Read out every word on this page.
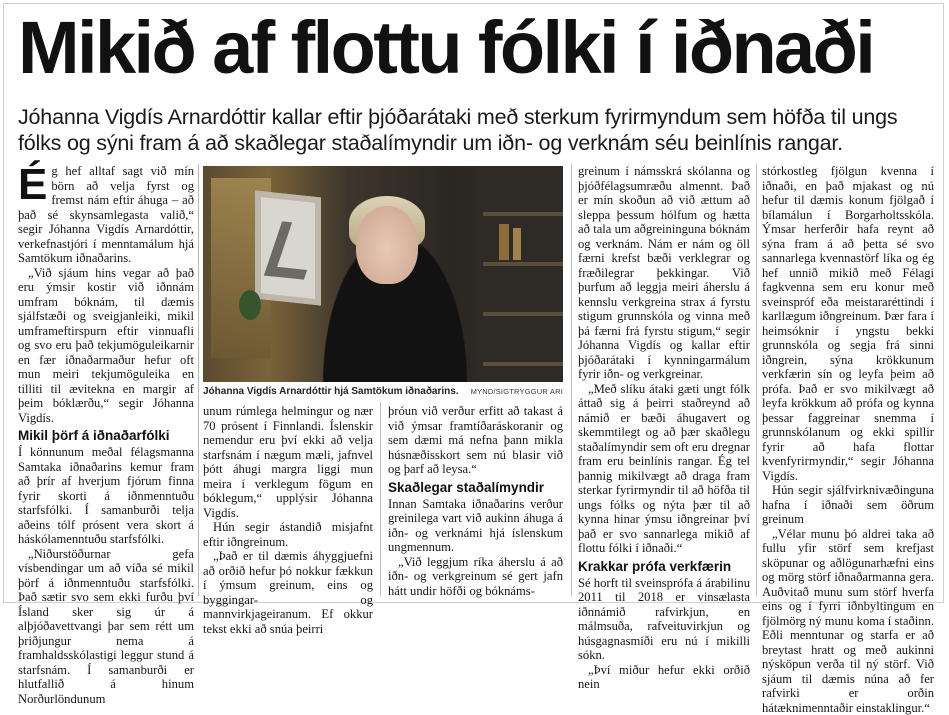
Mikið af flottu fólki í iðnaði
Jóhanna Vigdís Arnardóttir kallar eftir þjóðarátaki með sterkum fyrirmyndum sem höfða til ungs fólks og sýni fram á að skaðlegar staðalímyndir um iðn- og verknám séu beinlínis rangar.

Ég hef alltaf sagt við mín börn að velja fyrst og fremst nám eftir áhuga – að það sé skynsamlegasta valið,“ segir Jóhanna Vigdís Arnardóttir, verkefnastjóri í menntamálum hjá Samtökum iðnaðarins.

„Við sjáum hins vegar að það eru ýmsir kostir við iðnnám umfram bóknám, til dæmis sjálfstæði og sveigjanleiki, mikil umframeftirspurn eftir vinnuafli og svo eru það tekjumöguleikarnir en fær iðnaðarmaður hefur oft mun meiri tekjumöguleika en tilliti til ævitekna en margir af þeim bóklærðu,“ segir Jóhanna Vigdís.

Mikil þörf á iðnaðarfólki

Í könnunum meðal félagsmanna Samtaka iðnaðarins kemur fram að þrír af hverjum fjórum finna fyrir skorti á iðnmenntuðu starfsfólki. Í samanburði telja aðeins tólf prósent vera skort á háskólamenntuðu starfsfólki.

„Niðurstöðurnar gefa vísbendingar um að víða sé mikil þörf á iðnmenntuðu starfsfólki. Það sætir svo sem ekki furðu því Ísland sker sig úr á alþjóðavettvangi þar sem rétt um þriðjungur nema á framhaldsskólastigi leggur stund á starfsnám. Í samanburði er hlutfallið á hinum Norðurlöndunum

Jóhanna Vigdís Arnardóttir hjá Samtökum iðnaðarins. MYND/SIGTRYGGUR ARI

unum rúmlega helmingur og nær 70 prósent í Finnlandi. Íslenskir nemendur eru því ekki að velja starfsnám í nægum mæli, jafnvel þótt áhugi margra liggi mun meira í verklegum fögum en bóklegum,“ upplýsir Jóhanna Vigdís.

Hún segir ástandið misjafnt eftir iðngreinum.

„Það er til dæmis áhyggjuefni að orðið hefur þó nokkur fækkun í ýmsum greinum, eins og byggingar- og mannvirkjageiranum. Ef okkur tekst ekki að snúa þeirri

þróun við verður erfitt að takast á við ýmsar framtíðaráskoranir og sem dæmi má nefna þann mikla húsnæðisskort sem nú blasir við og þarf að leysa.“

Skaðlegar staðalímyndir

Innan Samtaka iðnaðarins verður greinilega vart við aukinn áhuga á iðn- og verknámi hjá íslenskum ungmennum.

„Við leggjum ríka áherslu á að iðn- og verkgreinum sé gert jafn hátt undir höfði og bóknáms-

greinum í námsskrá skólanna og þjóðfélagsumræðu almennt. Það er mín skoðun að við ættum að sleppa þessum hólfum og hætta að tala um aðgreininguna bóknám og verknám. Nám er nám og öll færni krefst bæði verklegrar og fræðilegrar þekkingar. Við þurfum að leggja meiri áherslu á kennslu verkgreina strax á fyrstu stigum grunnskóla og vinna með þá færni frá fyrstu stigum,“ segir Jóhanna Vigdís og kallar eftir þjóðarátaki í kynningarmálum fyrir iðn- og verkgreinar.

„Með slíku átaki gæti ungt fólk áttað sig á þeirri staðreynd að námið er bæði áhugavert og skemmtilegt og að þær skaðlegu staðalímyndir sem oft eru dregnar fram eru beinlínis rangar. Ég tel þannig mikilvægt að draga fram sterkar fyrirmyndir til að höfða til ungs fólks og nýta þær til að kynna hinar ýmsu iðngreinar því það er svo sannarlega mikið af flottu fólki í iðnaði.“

Krakkar prófa verkfærin

Sé horft til sveinsprófa á árabilinu 2011 til 2018 er vinsælasta iðnnámið rafvirkjun, en málmsuða, rafveituvirkjun og húsgagnasmíði eru nú í mikilli sókn.

„Því miður hefur ekki orðið nein

stórkostleg fjölgun kvenna í iðnaði, en það mjakast og nú hefur til dæmis konum fjölgað í bílamálun í Borgarholtsskóla. Ýmsar herferðir hafa reynt að sýna fram á að þetta sé svo sannarlega kvennastörf líka og ég hef unnið mikið með Félagi fagkvenna sem eru konur með sveinspróf eða meistararéttindi í karllægum iðngreinum. Þær fara í heimsóknir í yngstu bekki grunnskóla og segja frá sinni iðngrein, sýna krökkunum verkfærin sín og leyfa þeim að prófa. Það er svo mikilvægt að leyfa krökkum að prófa og kynna þessar faggreinar snemma í grunnskólanum og ekki spillir fyrir að hafa flottar kvenfyrirmyndir,“ segir Jóhanna Vigdís.

Hún segir sjálfvirknivæðinguna hafna í iðnaði sem öðrum greinum

„Vélar munu þó aldrei taka að fullu yfir störf sem krefjast sköpunar og aðlögunarhæfni eins og mörg störf iðnaðarmanna gera. Auðvitað munu sum störf hverfa eins og í fyrri iðnbyltingum en fjölmörg ný munu koma í staðinn. Eðli menntunar og starfa er að breytast hratt og með aukinni nýsköpun verða til ný störf. Við sjáum til dæmis núna að fer rafvirki er orðin hátæknimenntaðir einstaklingur.“
